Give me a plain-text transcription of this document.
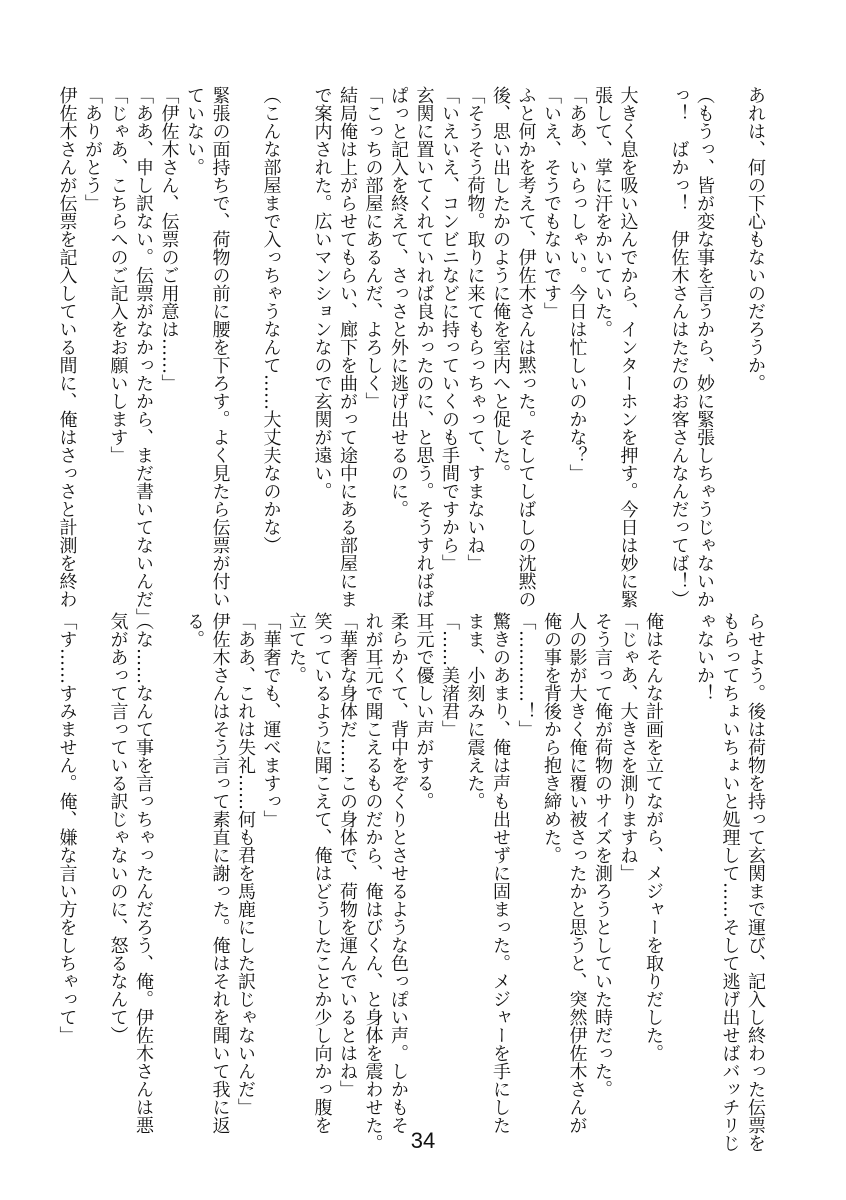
あれは、何の下心もないのだろうか。

（もうっ、皆が変な事を言うから、妙に緊張しちゃうじゃないか
っ！　ばかっ！　伊佐木さんはただのお客さんなんだってば！）

大きく息を吸い込んでから、インターホンを押す。今日は妙に緊
張して、掌に汗をかいていた。
「ああ、いらっしゃい。今日は忙しいのかな？」
「いえ、そうでもないです」
ふと何かを考えて、伊佐木さんは黙った。そしてしばしの沈黙の
後、思い出したかのように俺を室内へと促した。
「そうそう荷物。取りに来てもらっちゃって、すまないね」
「いえいえ、コンビニなどに持っていくのも手間ですから」
玄関に置いてくれていれば良かったのに、と思う。そうすればぱ
ぱっと記入を終えて、さっさと外に逃げ出せるのに。
「こっちの部屋にあるんだ、よろしく」
結局俺は上がらせてもらい、廊下を曲がって途中にある部屋にま
で案内された。広いマンションなので玄関が遠い。

（こんな部屋まで入っちゃうなんて……大丈夫なのかな）

緊張の面持ちで、荷物の前に腰を下ろす。よく見たら伝票が付い
ていない。
「伊佐木さん、伝票のご用意は……」
「ああ、申し訳ない。伝票がなかったから、まだ書いてないんだ」
「じゃあ、こちらへのご記入をお願いします」
「ありがとう」
伊佐木さんが伝票を記入している間に、俺はさっさと計測を終わ
らせよう。後は荷物を持って玄関まで運び、記入し終わった伝票を
もらってちょいちょいと処理して……そして逃げ出せばバッチリじ
ゃないか！

俺はそんな計画を立てながら、メジャーを取りだした。
「じゃあ、大きさを測りますね」
そう言って俺が荷物のサイズを測ろうとしていた時だった。
人の影が大きく俺に覆い被さったかと思うと、突然伊佐木さんが
俺の事を背後から抱き締めた。
「…………！」
驚きのあまり、俺は声も出せずに固まった。メジャーを手にした
まま、小刻みに震えた。
「……美渚君」
耳元で優しい声がする。
柔らかくて、背中をぞくりとさせるような色っぽい声。しかもそ
れが耳元で聞こえるものだから、俺はびくん、と身体を震わせた。
「華奢な身体だ……この身体で、荷物を運んでいるとはね」
笑っているように聞こえて、俺はどうしたことか少し向かっ腹を
立てた。
「華奢でも、運べますっ」
「ああ、これは失礼……何も君を馬鹿にした訳じゃないんだ」
伊佐木さんはそう言って素直に謝った。俺はそれを聞いて我に返
る。

（な……なんて事を言っちゃったんだろう、俺。伊佐木さんは悪
気があって言っている訳じゃないのに、怒るなんて）

「す……すみません。俺、嫌な言い方をしちゃって」
34
